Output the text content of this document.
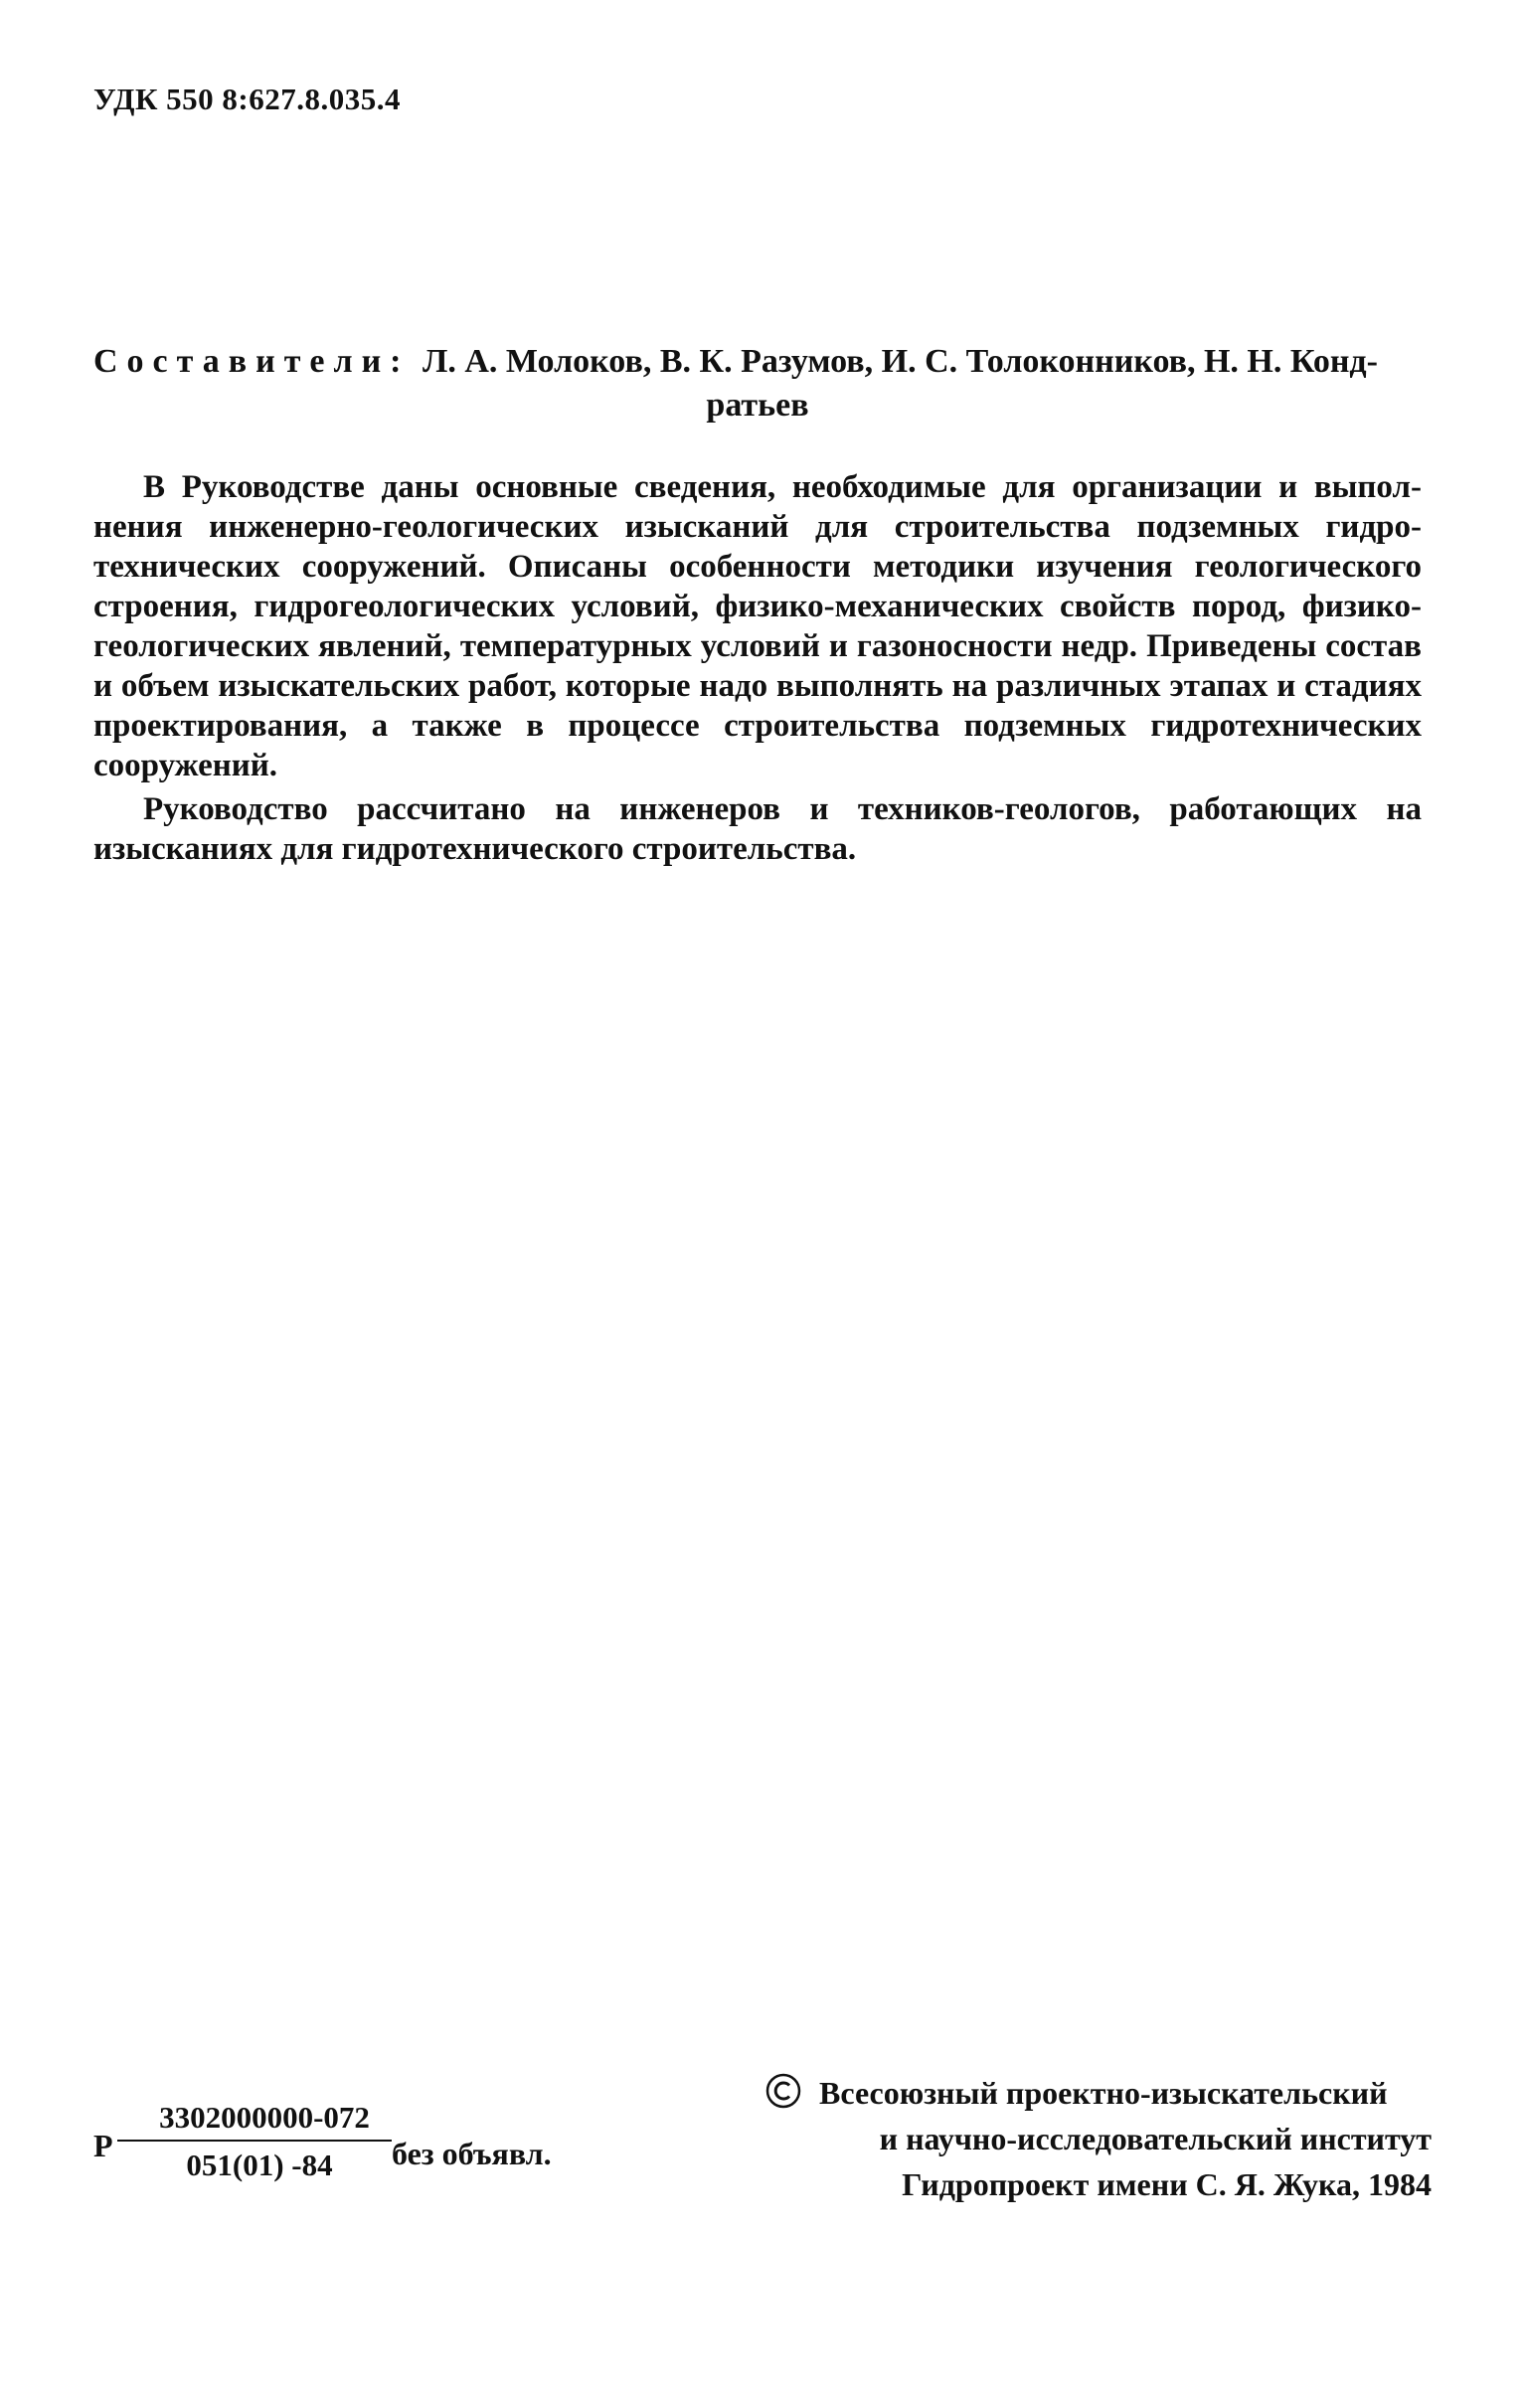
УДК 550 8:627.8.035.4
Составители: Л. А. Молоков, В. К. Разумов, И. С. Толоконников, Н. Н. Конд-
ратьев

В Руководстве даны основные сведения, необходимые для организации и выполнения инженерно-геологических изысканий для строительства подземных гидротехнических сооружений. Описаны особенности методики изучения геологического строения, гидрогеологических условий, физико-механических свойств пород, физико-геологических явлений, температурных условий и газоносности недр. Приведены состав и объем изыскательских работ, которые надо выполнять на различных этапах и стадиях проектирования, а также в процессе строительства подземных гидротехнических сооружений.

Руководство рассчитано на инженеров и техников-геологов, работающих на изысканиях для гидротехнического строительства.

Р
3302000000-072
051(01) -84	без объявл.
Всесоюзный проектно-изыскательский
и научно-исследовательский институт
Гидропроект имени С. Я. Жука, 1984
